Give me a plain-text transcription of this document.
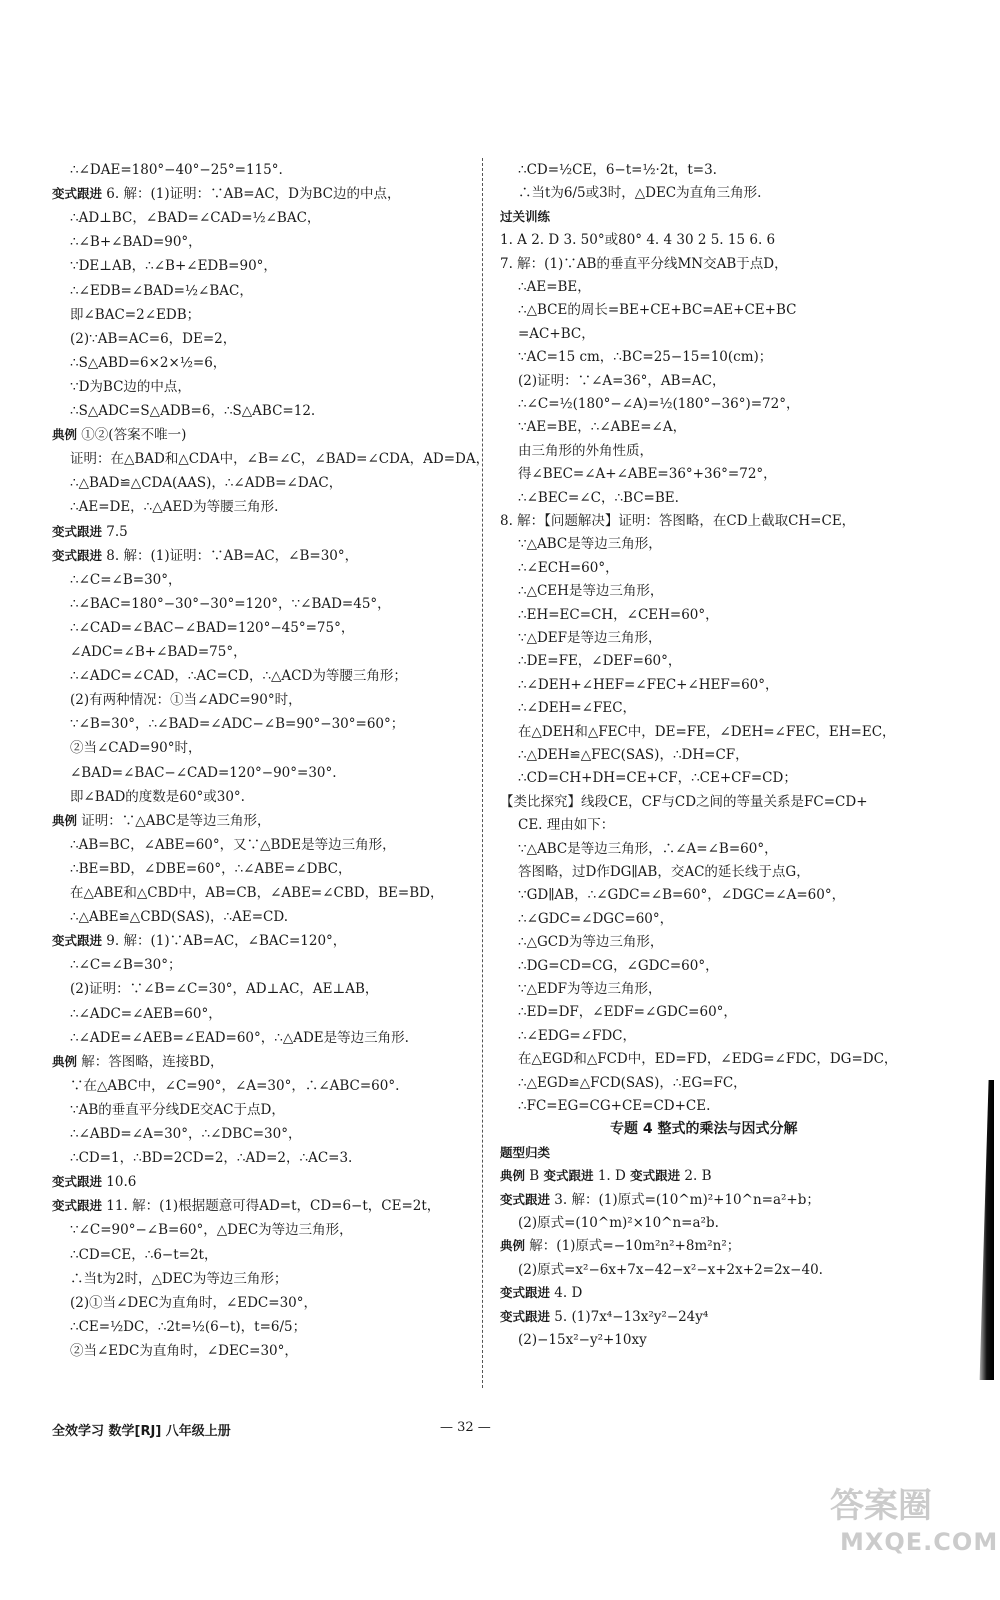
∴∠DAE=180°−40°−25°=115°.
变式跟进 6. 解：(1)证明：∵AB=AC，D为BC边的中点，
∴AD⊥BC，∠BAD=∠CAD=½∠BAC，
∴∠B+∠BAD=90°，
∵DE⊥AB，∴∠B+∠EDB=90°，
∴∠EDB=∠BAD=½∠BAC，
即∠BAC=2∠EDB；
(2)∵AB=AC=6，DE=2，
∴S△ABD=6×2×½=6，
∵D为BC边的中点，
∴S△ADC=S△ADB=6，∴S△ABC=12.
典例 ①②(答案不唯一)
证明：在△BAD和△CDA中，∠B=∠C，∠BAD=∠CDA，AD=DA，
∴△BAD≌△CDA(AAS)，∴∠ADB=∠DAC，
∴AE=DE，∴△AED为等腰三角形.
变式跟进 7.5
变式跟进 8. 解：(1)证明：∵AB=AC，∠B=30°，
∴∠C=∠B=30°，
∴∠BAC=180°−30°−30°=120°，∵∠BAD=45°，
∴∠CAD=∠BAC−∠BAD=120°−45°=75°，
∠ADC=∠B+∠BAD=75°，
∴∠ADC=∠CAD，∴AC=CD，∴△ACD为等腰三角形；
(2)有两种情况：①当∠ADC=90°时，
∵∠B=30°，∴∠BAD=∠ADC−∠B=90°−30°=60°；
②当∠CAD=90°时，
∠BAD=∠BAC−∠CAD=120°−90°=30°.
即∠BAD的度数是60°或30°.
典例 证明：∵△ABC是等边三角形，
∴AB=BC，∠ABE=60°，又∵△BDE是等边三角形，
∴BE=BD，∠DBE=60°，∴∠ABE=∠DBC，
在△ABE和△CBD中，AB=CB，∠ABE=∠CBD，BE=BD，
∴△ABE≌△CBD(SAS)，∴AE=CD.
变式跟进 9. 解：(1)∵AB=AC，∠BAC=120°，
∴∠C=∠B=30°；
(2)证明：∵∠B=∠C=30°，AD⊥AC，AE⊥AB，
∴∠ADC=∠AEB=60°，
∴∠ADE=∠AEB=∠EAD=60°，∴△ADE是等边三角形.
典例 解：答图略，连接BD，
∵在△ABC中，∠C=90°，∠A=30°，∴∠ABC=60°.
∵AB的垂直平分线DE交AC于点D，
∴∠ABD=∠A=30°，∴∠DBC=30°，
∴CD=1，∴BD=2CD=2，∴AD=2，∴AC=3.
变式跟进 10.6
变式跟进 11. 解：(1)根据题意可得AD=t，CD=6−t，CE=2t，
∵∠C=90°−∠B=60°，△DEC为等边三角形，
∴CD=CE，∴6−t=2t，
∴当t为2时，△DEC为等边三角形；
(2)①当∠DEC为直角时，∠EDC=30°，
∴CE=½DC，∴2t=½(6−t)，t=6/5；
②当∠EDC为直角时，∠DEC=30°，
∴CD=½CE，6−t=½·2t，t=3.
∴当t为6/5或3时，△DEC为直角三角形.
过关训练
1. A 2. D 3. 50°或80° 4. 4 30 2 5. 15 6. 6
7. 解：(1)∵AB的垂直平分线MN交AB于点D，
∴AE=BE，
∴△BCE的周长=BE+CE+BC=AE+CE+BC
=AC+BC，
∵AC=15 cm，∴BC=25−15=10(cm)；
(2)证明：∵∠A=36°，AB=AC，
∴∠C=½(180°−∠A)=½(180°−36°)=72°，
∵AE=BE，∴∠ABE=∠A，
由三角形的外角性质，
得∠BEC=∠A+∠ABE=36°+36°=72°，
∴∠BEC=∠C，∴BC=BE.
8. 解：【问题解决】证明：答图略，在CD上截取CH=CE，
∵△ABC是等边三角形，
∴∠ECH=60°，
∴△CEH是等边三角形，
∴EH=EC=CH，∠CEH=60°，
∵△DEF是等边三角形，
∴DE=FE，∠DEF=60°，
∴∠DEH+∠HEF=∠FEC+∠HEF=60°，
∴∠DEH=∠FEC，
在△DEH和△FEC中，DE=FE，∠DEH=∠FEC，EH=EC，
∴△DEH≌△FEC(SAS)，∴DH=CF，
∴CD=CH+DH=CE+CF，∴CE+CF=CD；
【类比探究】线段CE，CF与CD之间的等量关系是FC=CD+
CE. 理由如下：
∵△ABC是等边三角形，∴∠A=∠B=60°，
答图略，过D作DG∥AB，交AC的延长线于点G，
∵GD∥AB，∴∠GDC=∠B=60°，∠DGC=∠A=60°，
∴∠GDC=∠DGC=60°，
∴△GCD为等边三角形，
∴DG=CD=CG，∠GDC=60°，
∵△EDF为等边三角形，
∴ED=DF，∠EDF=∠GDC=60°，
∴∠EDG=∠FDC，
在△EGD和△FCD中，ED=FD，∠EDG=∠FDC，DG=DC，
∴△EGD≌△FCD(SAS)，∴EG=FC，
∴FC=EG=CG+CE=CD+CE.
专题 4 整式的乘法与因式分解
题型归类
典例 B 变式跟进 1. D 变式跟进 2. B
变式跟进 3. 解：(1)原式=(10^m)²+10^n=a²+b；
(2)原式=(10^m)²×10^n=a²b.
典例 解：(1)原式=−10m²n²+8m²n²；
(2)原式=x²−6x+7x−42−x²−x+2x+2=2x−40.
变式跟进 4. D
变式跟进 5. (1)7x⁴−13x²y²−24y⁴
(2)−15x²−y²+10xy
全效学习 数学[RJ] 八年级上册	— 32 —
答案圈
MXQE.COM
